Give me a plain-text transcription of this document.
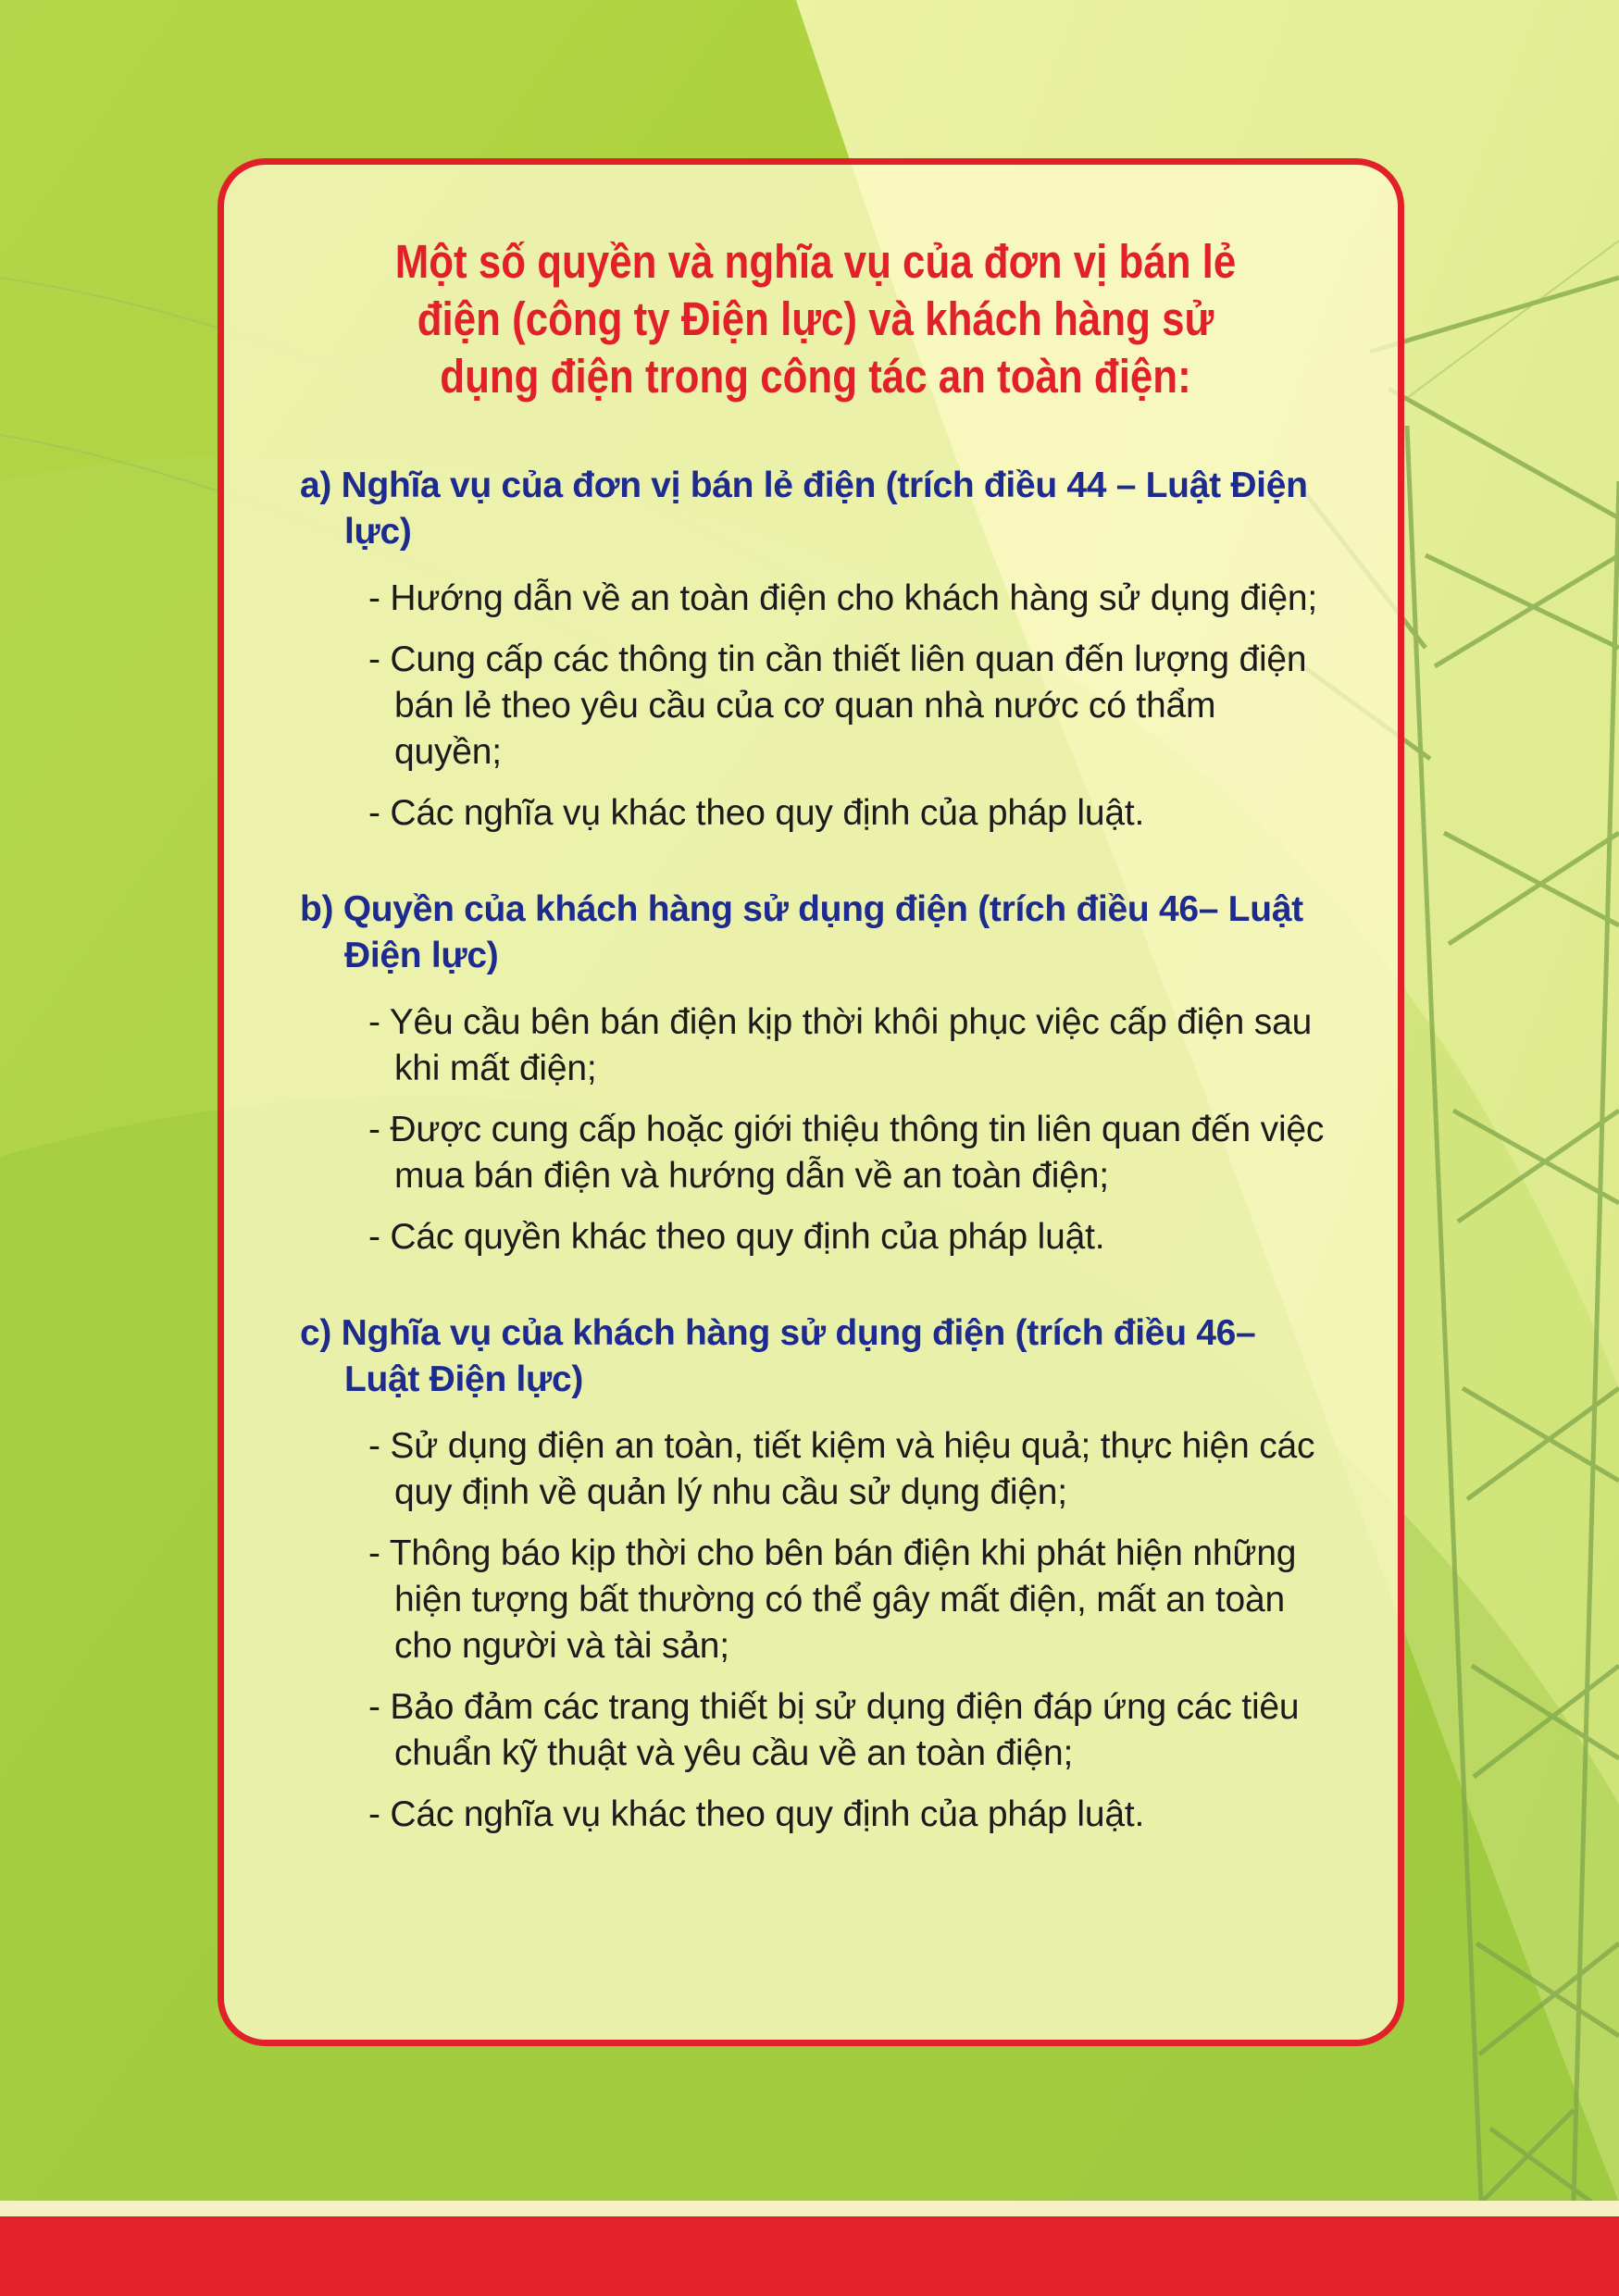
Một số quyền và nghĩa vụ của đơn vị bán lẻ điện (công ty Điện lực) và khách hàng sử dụng điện trong công tác an toàn điện:
a) Nghĩa vụ của đơn vị bán lẻ điện (trích điều 44 – Luật Điện lực)
- Hướng dẫn về an toàn điện cho khách hàng sử dụng điện;
- Cung cấp các thông tin cần thiết liên quan đến lượng điện bán lẻ theo yêu cầu của cơ quan nhà nước có thẩm quyền;
- Các nghĩa vụ khác theo quy định của pháp luật.
b) Quyền của khách hàng sử dụng điện (trích điều 46– Luật Điện lực)
- Yêu cầu bên bán điện kịp thời khôi phục việc cấp điện sau khi mất điện;
- Được cung cấp hoặc giới thiệu thông tin liên quan đến việc mua bán điện và hướng dẫn về an toàn điện;
- Các quyền khác theo quy định của pháp luật.
c) Nghĩa vụ của khách hàng sử dụng điện (trích điều 46– Luật Điện lực)
- Sử dụng điện an toàn, tiết kiệm và hiệu quả; thực hiện các quy định về quản lý nhu cầu sử dụng điện;
- Thông báo kịp thời cho bên bán điện khi phát hiện những hiện tượng bất thường có thể gây mất điện, mất an toàn cho người và tài sản;
- Bảo đảm các trang thiết bị sử dụng điện đáp ứng các tiêu chuẩn kỹ thuật và yêu cầu về an toàn điện;
- Các nghĩa vụ khác theo quy định của pháp luật.
